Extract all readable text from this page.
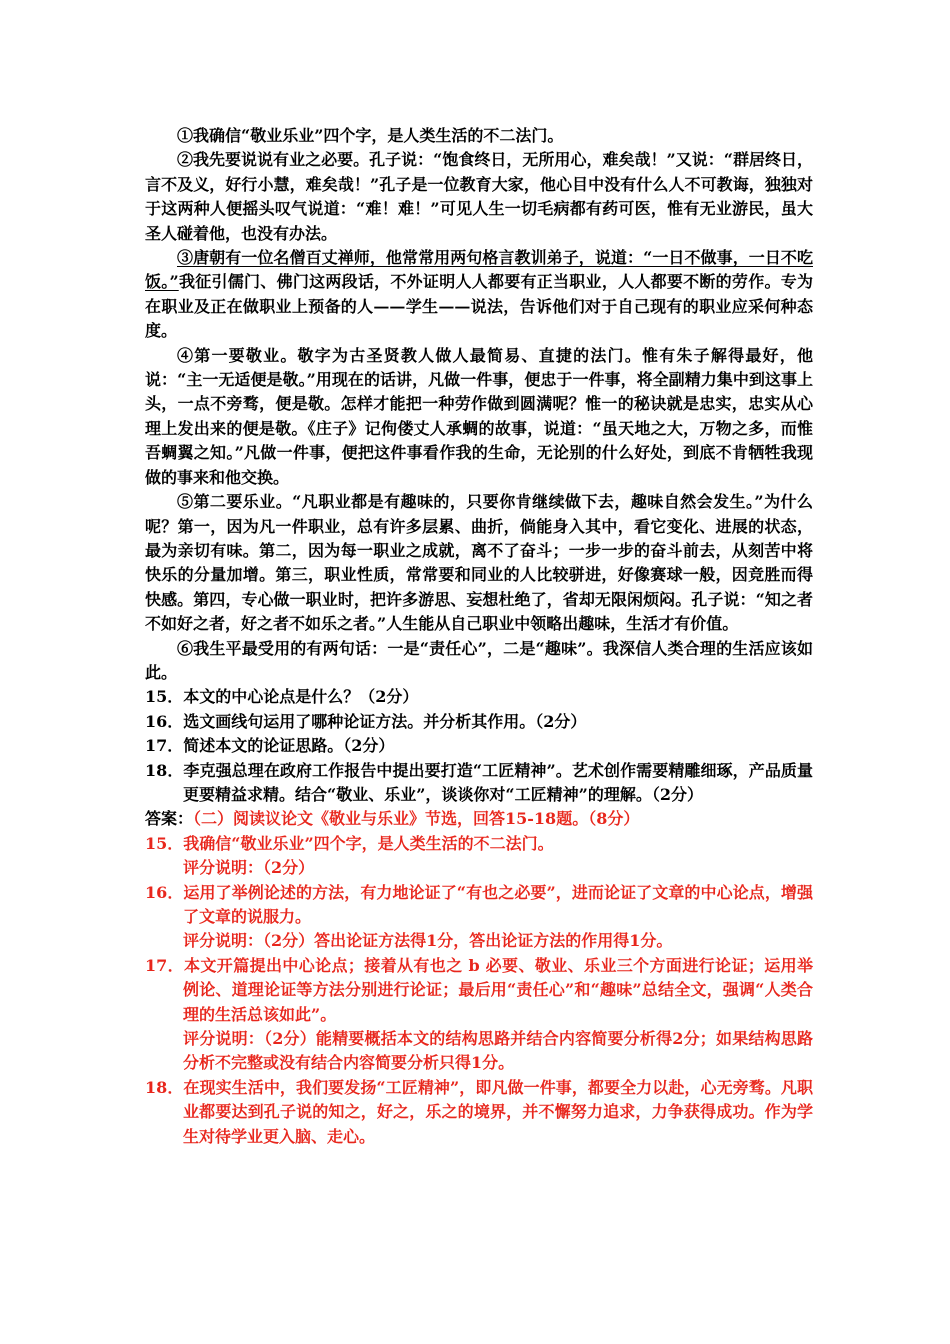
①我确信“敬业乐业”四个字，是人类生活的不二法门。

②我先要说说有业之必要。孔子说：“饱食终日，无所用心，难矣哉！”又说：“群居终日，言不及义，好行小慧，难矣哉！”孔子是一位教育大家，他心目中没有什么人不可教诲，独独对于这两种人便摇头叹气说道：“难！难！”可见人生一切毛病都有药可医，惟有无业游民，虽大圣人碰着他，也没有办法。

③唐朝有一位名僧百丈禅师，他常常用两句格言教训弟子，说道：“一日不做事，一日不吃饭。”我征引儒门、佛门这两段话，不外证明人人都要有正当职业，人人都要不断的劳作。专为在职业及正在做职业上预备的人——学生——说法，告诉他们对于自己现有的职业应采何种态度。

④第一要敬业。敬字为古圣贤教人做人最简易、直捷的法门。惟有朱子解得最好，他说：“主一无适便是敬。”用现在的话讲，凡做一件事，便忠于一件事，将全副精力集中到这事上头，一点不旁骛，便是敬。怎样才能把一种劳作做到圆满呢？惟一的秘诀就是忠实，忠实从心理上发出来的便是敬。《庄子》记佝偻丈人承蜩的故事，说道：“虽天地之大，万物之多，而惟吾蜩翼之知。”凡做一件事，便把这件事看作我的生命，无论别的什么好处，到底不肯牺牲我现做的事来和他交换。

⑤第二要乐业。“凡职业都是有趣味的，只要你肯继续做下去，趣味自然会发生。”为什么呢？第一，因为凡一件职业，总有许多层累、曲折，倘能身入其中，看它变化、进展的状态，最为亲切有味。第二，因为每一职业之成就，离不了奋斗；一步一步的奋斗前去，从刻苦中将快乐的分量加增。第三，职业性质，常常要和同业的人比较骈进，好像赛球一般，因竞胜而得快感。第四，专心做一职业时，把许多游思、妄想杜绝了，省却无限闲烦闷。孔子说：“知之者不如好之者，好之者不如乐之者。”人生能从自己职业中领略出趣味，生活才有价值。

⑥我生平最受用的有两句话：一是“责任心”，二是“趣味”。我深信人类合理的生活应该如此。

15．本文的中心论点是什么？（2分）

16．选文画线句运用了哪种论证方法。并分析其作用。（2分）

17．简述本文的论证思路。（2分）

18．李克强总理在政府工作报告中提出要打造“工匠精神”。艺术创作需要精雕细琢，产品质量更要精益求精。结合“敬业、乐业”，谈谈你对“工匠精神”的理解。（2分）

答案：（二）阅读议论文《敬业与乐业》节选，回答15-18题。（8分）

15．我确信“敬业乐业”四个字，是人类生活的不二法门。

评分说明：（2分）

16．运用了举例论述的方法，有力地论证了“有也之必要”，进而论证了文章的中心论点，增强了文章的说服力。

评分说明：（2分）答出论证方法得1分，答出论证方法的作用得1分。

17．本文开篇提出中心论点；接着从有也之 b 必要、敬业、乐业三个方面进行论证；运用举例论、道理论证等方法分别进行论证；最后用“责任心”和“趣味”总结全文，强调“人类合理的生活总该如此”。

评分说明：（2分）能精要概括本文的结构思路并结合内容简要分析得2分；如果结构思路分析不完整或没有结合内容简要分析只得1分。

18．在现实生活中，我们要发扬“工匠精神”，即凡做一件事，都要全力以赴，心无旁骛。凡职业都要达到孔子说的知之，好之，乐之的境界，并不懈努力追求，力争获得成功。作为学生对待学业更入脑、走心。
